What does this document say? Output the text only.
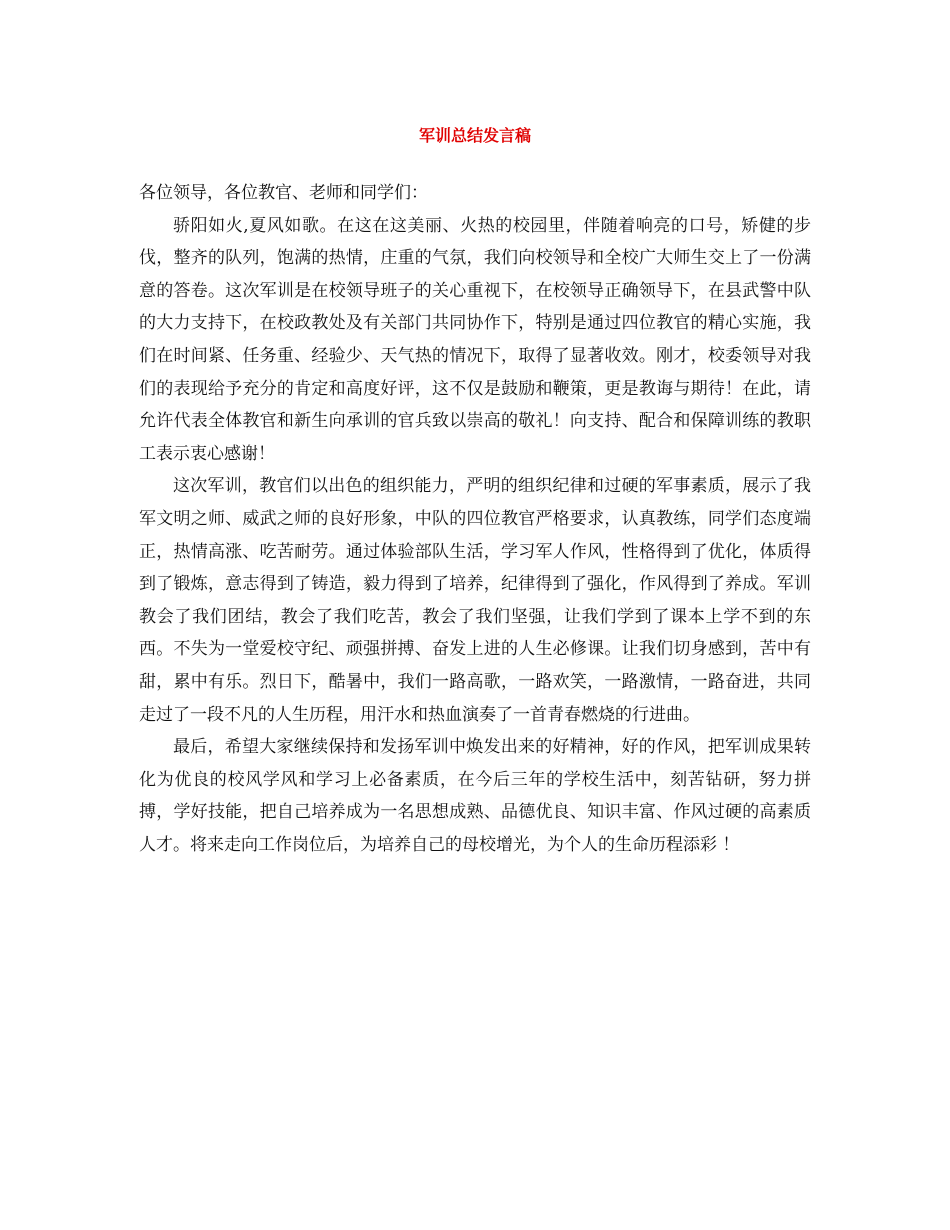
军训总结发言稿

各位领导，各位教官、老师和同学们：

骄阳如火,夏风如歌。在这在这美丽、火热的校园里，伴随着响亮的口号，矫健的步伐，整齐的队列，饱满的热情，庄重的气氛，我们向校领导和全校广大师生交上了一份满意的答卷。这次军训是在校领导班子的关心重视下，在校领导正确领导下，在县武警中队的大力支持下，在校政教处及有关部门共同协作下，特别是通过四位教官的精心实施，我们在时间紧、任务重、经验少、天气热的情况下，取得了显著收效。刚才，校委领导对我们的表现给予充分的肯定和高度好评，这不仅是鼓励和鞭策，更是教诲与期待！在此，请允许代表全体教官和新生向承训的官兵致以崇高的敬礼！向支持、配合和保障训练的教职工表示衷心感谢！

这次军训，教官们以出色的组织能力，严明的组织纪律和过硬的军事素质，展示了我军文明之师、威武之师的良好形象，中队的四位教官严格要求，认真教练，同学们态度端正，热情高涨、吃苦耐劳。通过体验部队生活，学习军人作风，性格得到了优化，体质得到了锻炼，意志得到了铸造，毅力得到了培养，纪律得到了强化，作风得到了养成。军训教会了我们团结，教会了我们吃苦，教会了我们坚强，让我们学到了课本上学不到的东西。不失为一堂爱校守纪、顽强拼搏、奋发上进的人生必修课。让我们切身感到，苦中有甜，累中有乐。烈日下，酷暑中，我们一路高歌，一路欢笑，一路激情，一路奋进，共同走过了一段不凡的人生历程，用汗水和热血演奏了一首青春燃烧的行进曲。

最后，希望大家继续保持和发扬军训中焕发出来的好精神，好的作风，把军训成果转化为优良的校风学风和学习上必备素质，在今后三年的学校生活中，刻苦钻研，努力拼搏，学好技能，把自己培养成为一名思想成熟、品德优良、知识丰富、作风过硬的高素质人才。将来走向工作岗位后，为培养自己的母校增光，为个人的生命历程添彩 ！
